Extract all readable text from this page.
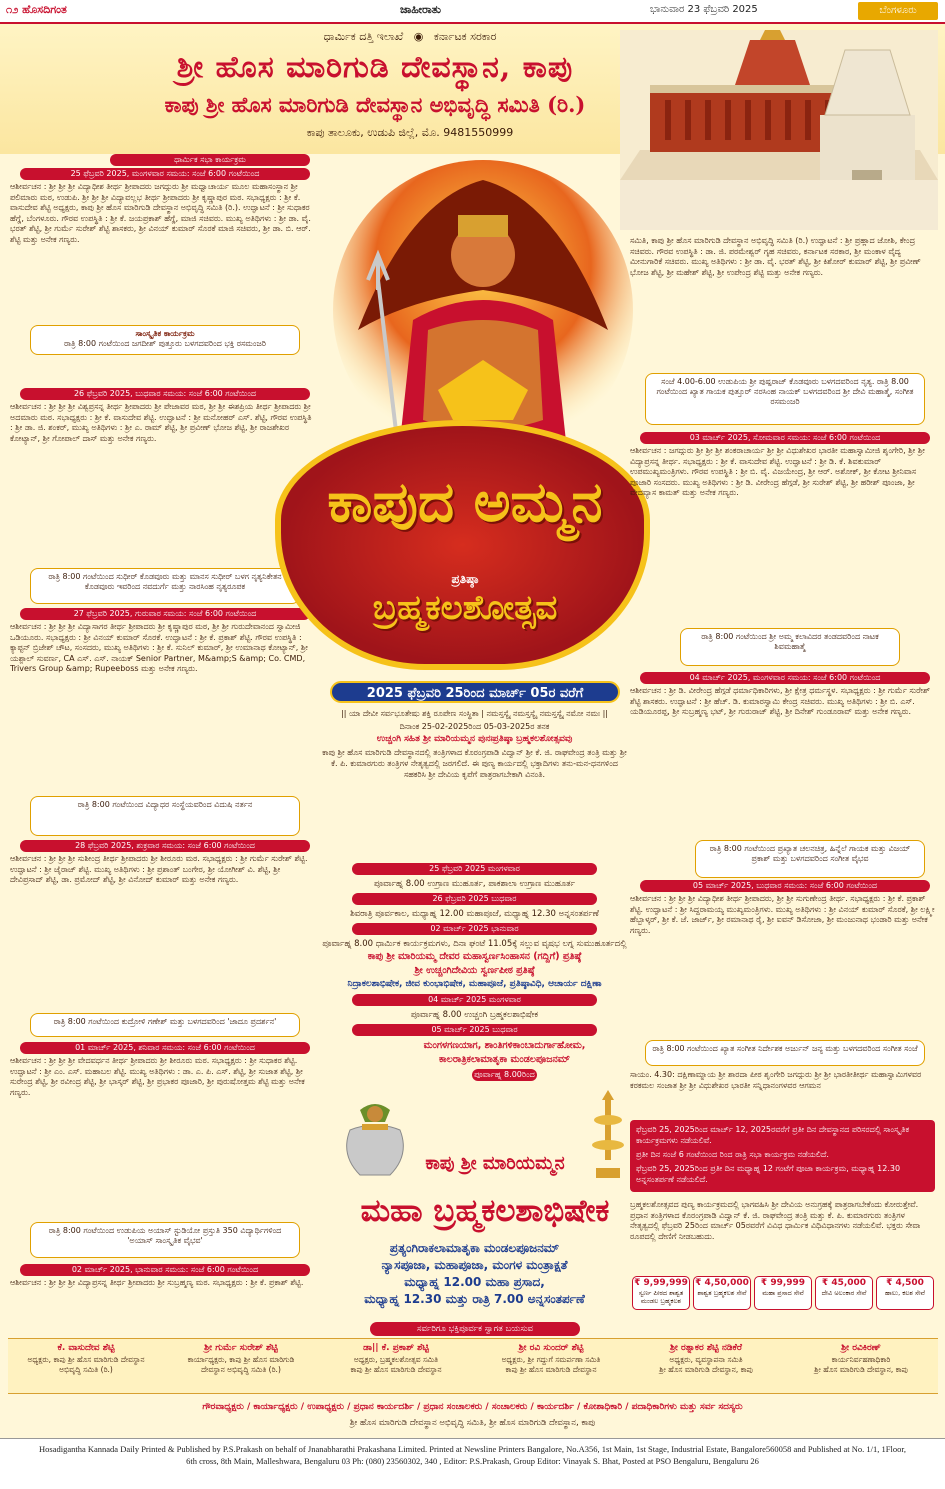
೧೨ ಹೊಸದಿಗಂತ	ಜಾಹೀರಾತು	ಭಾನುವಾರ 23 ಫೆಬ್ರವರಿ 2025	ಬೆಂಗಳೂರು
ಧಾರ್ಮಿಕ ದತ್ತಿ ಇಲಾಖೆ ◉ ಕರ್ನಾಟಕ ಸರಕಾರ
ಶ್ರೀ ಹೊಸ ಮಾರಿಗುಡಿ ದೇವಸ್ಥಾನ, ಕಾಪು
ಕಾಪು ಶ್ರೀ ಹೊಸ ಮಾರಿಗುಡಿ ದೇವಸ್ಥಾನ ಅಭಿವೃದ್ಧಿ ಸಮಿತಿ (ರಿ.)
ಕಾಪು ತಾಲೂಕು, ಉಡುಪಿ ಜಿಲ್ಲೆ, ಮೊ. 9481550999
ಧಾರ್ಮಿಕ ಸಭಾ ಕಾರ್ಯಕ್ರಮ
25 ಫೆಬ್ರವರಿ 2025, ಮಂಗಳವಾರ ಸಮಯ: ಸಂಜೆ 6:00 ಗಂಟೆಯಿಂದ

ಆಶೀರ್ವಚನ : ಶ್ರೀ ಶ್ರೀ ಶ್ರೀ ವಿದ್ಯಾಧೀಶ ತೀರ್ಥ ಶ್ರೀಪಾದರು ಜಗದ್ಗುರು ಶ್ರೀ ಮಧ್ವಾಚಾರ್ಯ ಮೂಲ ಮಹಾಸಂಸ್ಥಾನ ಶ್ರೀ ಪಲಿಮಾರು ಮಠ, ಉಡುಪಿ. ಶ್ರೀ ಶ್ರೀ ಶ್ರೀ ವಿದ್ಯಾವಲ್ಲಭ ತೀರ್ಥ ಶ್ರೀಪಾದರು ಶ್ರೀ ಕೃಷ್ಣಾಪುರ ಮಠ. ಸಭಾಧ್ಯಕ್ಷರು : ಶ್ರೀ ಕೆ. ವಾಸುದೇವ ಶೆಟ್ಟಿ ಅಧ್ಯಕ್ಷರು, ಕಾಪು ಶ್ರೀ ಹೊಸ ಮಾರಿಗುಡಿ ದೇವಸ್ಥಾನ ಅಭಿವೃದ್ಧಿ ಸಮಿತಿ (ರಿ.). ಉದ್ಘಾಟನೆ : ಶ್ರೀ ಸುಧಾಕರ ಹೆಗ್ಡೆ, ಬೆಂಗಳೂರು. ಗೌರವ ಉಪಸ್ಥಿತಿ : ಶ್ರೀ ಕೆ. ಜಯಪ್ರಕಾಶ್ ಹೆಗ್ಡೆ, ಮಾಜಿ ಸಚಿವರು. ಮುಖ್ಯ ಅತಿಥಿಗಳು : ಶ್ರೀ ಡಾ. ವೈ. ಭರತ್ ಶೆಟ್ಟಿ, ಶ್ರೀ ಗುರ್ಮೆ ಸುರೇಶ್ ಶೆಟ್ಟಿ ಶಾಸಕರು, ಶ್ರೀ ವಿನಯ್ ಕುಮಾರ್ ಸೊರಕೆ ಮಾಜಿ ಸಚಿವರು, ಶ್ರೀ ಡಾ. ಬಿ. ಆರ್. ಶೆಟ್ಟಿ ಮತ್ತು ಅನೇಕ ಗಣ್ಯರು.

ಸಾಂಸ್ಕೃತಿಕ ಕಾರ್ಯಕ್ರಮ
ರಾತ್ರಿ 8:00 ಗಂಟೆಯಿಂದ ಜಗದೀಶ್ ಪುತ್ತೂರು ಬಳಗದವರಿಂದ ಭಕ್ತಿ ರಸಮಂಜರಿ
26 ಫೆಬ್ರವರಿ 2025, ಬುಧವಾರ ಸಮಯ: ಸಂಜೆ 6:00 ಗಂಟೆಯಿಂದ

ಆಶೀರ್ವಚನ : ಶ್ರೀ ಶ್ರೀ ಶ್ರೀ ವಿಶ್ವಪ್ರಸನ್ನ ತೀರ್ಥ ಶ್ರೀಪಾದರು ಶ್ರೀ ಪೇಜಾವರ ಮಠ, ಶ್ರೀ ಶ್ರೀ ಈಶಪ್ರಿಯ ತೀರ್ಥ ಶ್ರೀಪಾದರು ಶ್ರೀ ಅದಮಾರು ಮಠ. ಸಭಾಧ್ಯಕ್ಷರು : ಶ್ರೀ ಕೆ. ವಾಸುದೇವ ಶೆಟ್ಟಿ. ಉದ್ಘಾಟನೆ : ಶ್ರೀ ಮನೋಹರ್ ಎಸ್. ಶೆಟ್ಟಿ, ಗೌರವ ಉಪಸ್ಥಿತಿ : ಶ್ರೀ ಡಾ. ಜಿ. ಶಂಕರ್, ಮುಖ್ಯ ಅತಿಥಿಗಳು : ಶ್ರೀ ಎ. ರಾಮ್ ಶೆಟ್ಟಿ, ಶ್ರೀ ಪ್ರವೀಣ್ ಭೋಜ ಶೆಟ್ಟಿ, ಶ್ರೀ ರಾಜಶೇಖರ ಕೋಟ್ಯಾನ್, ಶ್ರೀ ಗೋಪಾಲ್ ದಾಸ್ ಮತ್ತು ಅನೇಕ ಗಣ್ಯರು.

ರಾತ್ರಿ 8:00 ಗಂಟೆಯಿಂದ ಸುಧೀರ್ ಕೊಡವೂರು ಮತ್ತು ಮಾನಸ ಸುಧೀರ್ ಬಳಗ ನೃತ್ಯನಿಕೇತನ ಕೊಡವೂರು ಇವರಿಂದ ನವದುರ್ಗೆ ಮತ್ತು ನಾರಸಿಂಹ ನೃತ್ಯರೂಪಕ
27 ಫೆಬ್ರವರಿ 2025, ಗುರುವಾರ ಸಮಯ: ಸಂಜೆ 6:00 ಗಂಟೆಯಿಂದ

ಆಶೀರ್ವಚನ : ಶ್ರೀ ಶ್ರೀ ಶ್ರೀ ವಿದ್ಯಾಸಾಗರ ತೀರ್ಥ ಶ್ರೀಪಾದರು ಶ್ರೀ ಕೃಷ್ಣಾಪುರ ಮಠ, ಶ್ರೀ ಶ್ರೀ ಗುರುದೇವಾನಂದ ಸ್ವಾಮೀಜಿ ಒಡಿಯೂರು. ಸಭಾಧ್ಯಕ್ಷರು : ಶ್ರೀ ವಿನಯ್ ಕುಮಾರ್ ಸೊರಕೆ. ಉದ್ಘಾಟನೆ : ಶ್ರೀ ಕೆ. ಪ್ರಕಾಶ್ ಶೆಟ್ಟಿ. ಗೌರವ ಉಪಸ್ಥಿತಿ : ಕ್ಯಾಪ್ಟನ್ ಬ್ರಿಜೇಶ್ ಚೌಟ, ಸಂಸದರು, ಮುಖ್ಯ ಅತಿಥಿಗಳು : ಶ್ರೀ ಕೆ. ಸುನಿಲ್ ಕುಮಾರ್, ಶ್ರೀ ಉಮಾನಾಥ ಕೋಟ್ಯಾನ್, ಶ್ರೀ ಯಶ್ಪಾಲ್ ಸುವರ್ಣ, CA ಎಸ್. ಎಸ್. ನಾಯಕ್ Senior Partner, M&amp;S &amp; Co. CMD, Trivers Group &amp; Rupeeboss ಮತ್ತು ಅನೇಕ ಗಣ್ಯರು.

ರಾತ್ರಿ 8:00 ಗಂಟೆಯಿಂದ ವಿದ್ಯಾಧರ ಸಂಸ್ಥೆಯವರಿಂದ ವಿದುಷಿ ನರ್ತನ
28 ಫೆಬ್ರವರಿ 2025, ಶುಕ್ರವಾರ ಸಮಯ: ಸಂಜೆ 6:00 ಗಂಟೆಯಿಂದ

ಆಶೀರ್ವಚನ : ಶ್ರೀ ಶ್ರೀ ಶ್ರೀ ಸುಶೀಂದ್ರ ತೀರ್ಥ ಶ್ರೀಪಾದರು ಶ್ರೀ ಶೀರೂರು ಮಠ. ಸಭಾಧ್ಯಕ್ಷರು : ಶ್ರೀ ಗುರ್ಮೆ ಸುರೇಶ್ ಶೆಟ್ಟಿ. ಉದ್ಘಾಟನೆ : ಶ್ರೀ ಜೈರಾಜ್ ಶೆಟ್ಟಿ. ಮುಖ್ಯ ಅತಿಥಿಗಳು : ಶ್ರೀ ಪ್ರಶಾಂತ್ ಬಂಗೇರ, ಶ್ರೀ ಯೋಗೀಶ್ ವಿ. ಶೆಟ್ಟಿ, ಶ್ರೀ ದೇವಿಪ್ರಸಾದ್ ಶೆಟ್ಟಿ, ಡಾ. ಪ್ರಮೋದ್ ಶೆಟ್ಟಿ, ಶ್ರೀ ವಿನೋದ್ ಕುಮಾರ್ ಮತ್ತು ಅನೇಕ ಗಣ್ಯರು.

ರಾತ್ರಿ 8:00 ಗಂಟೆಯಿಂದ ಕುದ್ರೋಳಿ ಗಣೇಶ್ ಮತ್ತು ಬಳಗದವರಿಂದ 'ಜಾದೂ ಪ್ರದರ್ಶನ'
01 ಮಾರ್ಚ್ 2025, ಶನಿವಾರ ಸಮಯ: ಸಂಜೆ 6:00 ಗಂಟೆಯಿಂದ

ಆಶೀರ್ವಚನ : ಶ್ರೀ ಶ್ರೀ ಶ್ರೀ ವೇದವರ್ಧನ ತೀರ್ಥ ಶ್ರೀಪಾದರು ಶ್ರೀ ಶೀರೂರು ಮಠ. ಸಭಾಧ್ಯಕ್ಷರು : ಶ್ರೀ ಸುಧಾಕರ ಶೆಟ್ಟಿ. ಉದ್ಘಾಟನೆ : ಶ್ರೀ ಎಂ. ಎಸ್. ಮಹಾಬಲ ಶೆಟ್ಟಿ. ಮುಖ್ಯ ಅತಿಥಿಗಳು : ಡಾ. ಎ. ಪಿ. ಎಸ್. ಶೆಟ್ಟಿ, ಶ್ರೀ ಸುಜಾತ ಶೆಟ್ಟಿ, ಶ್ರೀ ಸುರೇಂದ್ರ ಶೆಟ್ಟಿ, ಶ್ರೀ ರವೀಂದ್ರ ಶೆಟ್ಟಿ, ಶ್ರೀ ಭಾಸ್ಕರ್ ಶೆಟ್ಟಿ, ಶ್ರೀ ಪ್ರಭಾಕರ ಪೂಜಾರಿ, ಶ್ರೀ ಪುರುಷೋತ್ತಮ ಶೆಟ್ಟಿ ಮತ್ತು ಅನೇಕ ಗಣ್ಯರು.

ರಾತ್ರಿ 8:00 ಗಂಟೆಯಿಂದ ಉಡುಪಿಯ ಅಯಾಸ್ ಸ್ಟುಡಿಯೋ ಪ್ರಸ್ತುತಿ 350 ವಿದ್ಯಾರ್ಥಿಗಳಿಂದ 'ಅಯಾಸ್ ಸಾಂಸ್ಕೃತಿಕ ವೈಭವ'
02 ಮಾರ್ಚ್ 2025, ಭಾನುವಾರ ಸಮಯ: ಸಂಜೆ 6:00 ಗಂಟೆಯಿಂದ

ಆಶೀರ್ವಚನ : ಶ್ರೀ ಶ್ರೀ ಶ್ರೀ ವಿದ್ಯಾಪ್ರಸನ್ನ ತೀರ್ಥ ಶ್ರೀಪಾದರು ಶ್ರೀ ಸುಬ್ರಹ್ಮಣ್ಯ ಮಠ. ಸಭಾಧ್ಯಕ್ಷರು : ಶ್ರೀ ಕೆ. ಪ್ರಕಾಶ್ ಶೆಟ್ಟಿ.

ಕಾಪುದ ಅಮ್ಮನ
ಪ್ರತಿಷ್ಠಾ
ಬ್ರಹ್ಮಕಲಶೋತ್ಸವ
2025 ಫೆಬ್ರವರಿ 25ರಿಂದ ಮಾರ್ಚ್ 05ರ ವರೆಗೆ

|| ಯಾ ದೇವೀ ಸರ್ವಭೂತೇಷು ಶಕ್ತಿ ರೂಪೇಣ ಸಂಸ್ಥಿತಾ | ನಮಸ್ತಸ್ಯೈ ನಮಸ್ತಸ್ಯೈ ನಮಸ್ತಸ್ಯೈ ನಮೋ ನಮಃ ||

ದಿನಾಂಕ 25-02-2025ರಿಂದ 05-03-2025ರ ತನಕ

ಉಚ್ಚಂಗಿ ಸಹಿತ ಶ್ರೀ ಮಾರಿಯಮ್ಮನ ಪುನಃಪ್ರತಿಷ್ಠಾ ಬ್ರಹ್ಮಕಲಶೋತ್ಸವವು

ಕಾಪು ಶ್ರೀ ಹೊಸ ಮಾರಿಗುಡಿ ದೇವಸ್ಥಾನದಲ್ಲಿ ತಂತ್ರಿಗಳಾದ ಕೊರಂಗ್ರಪಾಡಿ ವಿದ್ವಾನ್ ಶ್ರೀ ಕೆ. ಜಿ. ರಾಘವೇಂದ್ರ ತಂತ್ರಿ ಮತ್ತು ಶ್ರೀ ಕೆ. ಪಿ. ಕುಮಾರಗುರು ತಂತ್ರಿಗಳ ನೇತೃತ್ವದಲ್ಲಿ ಜರಗಲಿದೆ. ಈ ಪುಣ್ಯ ಕಾರ್ಯದಲ್ಲಿ ಭಕ್ತಾದಿಗಳು ತನು-ಮನ-ಧನಗಳಿಂದ ಸಹಕರಿಸಿ ಶ್ರೀ ದೇವಿಯ ಕೃಪೆಗೆ ಪಾತ್ರರಾಗಬೇಕಾಗಿ ವಿನಂತಿ.

25 ಫೆಬ್ರವರಿ 2025 ಮಂಗಳವಾರ
ಪೂರ್ವಾಹ್ನ 8.00 ಉಗ್ರಾಣ ಮುಹೂರ್ತ, ಪಾಕಶಾಲಾ ಉಗ್ರಾಣ ಮುಹೂರ್ತ
26 ಫೆಬ್ರವರಿ 2025 ಬುಧವಾರ
ಶಿವರಾತ್ರಿ ಪೂರ್ವಕಾಲ, ಮಧ್ಯಾಹ್ನ 12.00 ಮಹಾಪೂಜೆ, ಮಧ್ಯಾಹ್ನ 12.30 ಅನ್ನಸಂತರ್ಪಣೆ
02 ಮಾರ್ಚ್ 2025 ಭಾನುವಾರ
ಪೂರ್ವಾಹ್ನ 8.00 ಧಾರ್ಮಿಕ ಕಾರ್ಯಕ್ರಮಗಳು, ದಿನಾ ಘಂಟೆ 11.05ಕ್ಕೆ ಸಲ್ಲುವ ವೃಷಭ ಲಗ್ನ ಸುಮುಹೂರ್ತದಲ್ಲಿ
ಕಾಪು ಶ್ರೀ ಮಾರಿಯಮ್ಮ ದೇವರ ಮಹಾಸ್ವರ್ಣಸಿಂಹಾಸನ (ಗದ್ದಿಗೆ) ಪ್ರತಿಷ್ಠೆ
ಶ್ರೀ ಉಚ್ಚಂಗಿದೇವಿಯ ಸ್ವರ್ಣಪೀಠ ಪ್ರತಿಷ್ಠೆ
ನಿದ್ರಾಕಲಶಾಭಿಷೇಕ, ಜೀವ ಕುಂಭಾಭಿಷೇಕ, ಮಹಾಪೂಜೆ, ಪ್ರತಿಷ್ಠಾವಿಧಿ, ಆಚಾರ್ಯ ದಕ್ಷಿಣಾ
04 ಮಾರ್ಚ್ 2025 ಮಂಗಳವಾರ
ಪೂರ್ವಾಹ್ನ 8.00 ಉಚ್ಚಂಗಿ ಬ್ರಹ್ಮಕಲಶಾಭಿಷೇಕ
05 ಮಾರ್ಚ್ 2025 ಬುಧವಾರ
ಮಂಗಳಗಣಯಾಗ, ಶಾಂತಿಗಳಿಕಾಂಬಾದುರ್ಗಾಹೋಮ, ಕಾಲರಾತ್ರಿಕಲಾಮಾತೃಕಾ ಮಂಡಲಪೂಜನಮ್
ಪೂರ್ವಾಹ್ನ 8.00ರಿಂದ
ಕಾಪು ಶ್ರೀ ಮಾರಿಯಮ್ಮನ
ಮಹಾ ಬ್ರಹ್ಮಕಲಶಾಭಿಷೇಕ
ಪ್ರತ್ಯಂಗಿರಾಕಲಾಮಾತೃಕಾ ಮಂಡಲಪೂಜನಮ್
ನ್ಯಾಸಪೂಜಾ, ಮಹಾಪೂಜಾ, ಮಂಗಳ ಮಂತ್ರಾಕ್ಷತೆ
ಮಧ್ಯಾಹ್ನ 12.00 ಮಹಾ ಪ್ರಸಾದ,
ಮಧ್ಯಾಹ್ನ 12.30 ಮತ್ತು ರಾತ್ರಿ 7.00 ಅನ್ನಸಂತರ್ಪಣೆ

ಸಮಿತಿ, ಕಾಪು ಶ್ರೀ ಹೊಸ ಮಾರಿಗುಡಿ ದೇವಸ್ಥಾನ ಅಭಿವೃದ್ಧಿ ಸಮಿತಿ (ರಿ.) ಉದ್ಘಾಟನೆ : ಶ್ರೀ ಪ್ರಹ್ಲಾದ ಜೋಶಿ, ಕೇಂದ್ರ ಸಚಿವರು. ಗೌರವ ಉಪಸ್ಥಿತಿ : ಡಾ. ಜಿ. ಪರಮೇಶ್ವರ್ ಗೃಹ ಸಚಿವರು, ಕರ್ನಾಟಕ ಸರಕಾರ, ಶ್ರೀ ಮಂಕಾಳ ವೈದ್ಯ ಮೀನುಗಾರಿಕೆ ಸಚಿವರು. ಮುಖ್ಯ ಅತಿಥಿಗಳು : ಶ್ರೀ ಡಾ. ವೈ. ಭರತ್ ಶೆಟ್ಟಿ, ಶ್ರೀ ಕಿಶೋರ್ ಕುಮಾರ್ ಶೆಟ್ಟಿ, ಶ್ರೀ ಪ್ರವೀಣ್ ಭೋಜ ಶೆಟ್ಟಿ, ಶ್ರೀ ಮಹೇಶ್ ಶೆಟ್ಟಿ, ಶ್ರೀ ಉಪೇಂದ್ರ ಶೆಟ್ಟಿ ಮತ್ತು ಅನೇಕ ಗಣ್ಯರು.

ಸಂಜೆ 4.00-6.00 ಉಡುಪಿಯ ಶ್ರೀ ಪುಷ್ಪರಾಜ್ ಕೊಡವೂರು ಬಳಗದವರಿಂದ ನೃತ್ಯ. ರಾತ್ರಿ 8.00 ಗಂಟೆಯಿಂದ ಖ್ಯಾತ ಗಾಯಕ ಪುತ್ತೂರ್ ನರಸಿಂಹ ನಾಯಕ್ ಬಳಗದವರಿಂದ ಶ್ರೀ ದೇವಿ ಮಹಾತ್ಮೆ, ಸಂಗೀತ ರಸಮಂಜರಿ
03 ಮಾರ್ಚ್ 2025, ಸೋಮವಾರ ಸಮಯ: ಸಂಜೆ 6:00 ಗಂಟೆಯಿಂದ

ಆಶೀರ್ವಚನ : ಜಗದ್ಗುರು ಶ್ರೀ ಶ್ರೀ ಶ್ರೀ ಶಂಕರಾಚಾರ್ಯ ಶ್ರೀ ಶ್ರೀ ವಿಧುಶೇಖರ ಭಾರತೀ ಮಹಾಸ್ವಾಮೀಜಿ ಶೃಂಗೇರಿ, ಶ್ರೀ ಶ್ರೀ ವಿದ್ಯಾಪ್ರಸನ್ನ ತೀರ್ಥ. ಸಭಾಧ್ಯಕ್ಷರು : ಶ್ರೀ ಕೆ. ವಾಸುದೇವ ಶೆಟ್ಟಿ. ಉದ್ಘಾಟನೆ : ಶ್ರೀ ಡಿ. ಕೆ. ಶಿವಕುಮಾರ್ ಉಪಮುಖ್ಯಮಂತ್ರಿಗಳು. ಗೌರವ ಉಪಸ್ಥಿತಿ : ಶ್ರೀ ಬಿ. ವೈ. ವಿಜಯೇಂದ್ರ, ಶ್ರೀ ಆರ್. ಅಶೋಕ್, ಶ್ರೀ ಕೋಟ ಶ್ರೀನಿವಾಸ ಪೂಜಾರಿ ಸಂಸದರು. ಮುಖ್ಯ ಅತಿಥಿಗಳು : ಶ್ರೀ ಡಿ. ವೀರೇಂದ್ರ ಹೆಗ್ಗಡೆ, ಶ್ರೀ ಸುರೇಶ್ ಶೆಟ್ಟಿ, ಶ್ರೀ ಹರೀಶ್ ಪೂಂಜಾ, ಶ್ರೀ ವೇದವ್ಯಾಸ ಕಾಮತ್ ಮತ್ತು ಅನೇಕ ಗಣ್ಯರು.

ರಾತ್ರಿ 8:00 ಗಂಟೆಯಿಂದ ಶ್ರೀ ಅಮ್ಮ ಕಲಾವಿದರ ತಂಡದವರಿಂದ ನಾಟಕ ಶಿವಮಹಾತ್ಮೆ
04 ಮಾರ್ಚ್ 2025, ಮಂಗಳವಾರ ಸಮಯ: ಸಂಜೆ 6:00 ಗಂಟೆಯಿಂದ

ಆಶೀರ್ವಚನ : ಶ್ರೀ ಡಿ. ವೀರೇಂದ್ರ ಹೆಗ್ಗಡೆ ಧರ್ಮಾಧಿಕಾರಿಗಳು, ಶ್ರೀ ಕ್ಷೇತ್ರ ಧರ್ಮಸ್ಥಳ. ಸಭಾಧ್ಯಕ್ಷರು : ಶ್ರೀ ಗುರ್ಮೆ ಸುರೇಶ್ ಶೆಟ್ಟಿ ಶಾಸಕರು. ಉದ್ಘಾಟನೆ : ಶ್ರೀ ಹೆಚ್. ಡಿ. ಕುಮಾರಸ್ವಾಮಿ ಕೇಂದ್ರ ಸಚಿವರು. ಮುಖ್ಯ ಅತಿಥಿಗಳು : ಶ್ರೀ ಬಿ. ಎಸ್. ಯಡಿಯೂರಪ್ಪ, ಶ್ರೀ ಸುಬ್ರಹ್ಮಣ್ಯ ಭಟ್, ಶ್ರೀ ಗುರುರಾಜ್ ಶೆಟ್ಟಿ, ಶ್ರೀ ದಿನೇಶ್ ಗುಂಡೂರಾವ್ ಮತ್ತು ಅನೇಕ ಗಣ್ಯರು.

ರಾತ್ರಿ 8:00 ಗಂಟೆಯಿಂದ ಪ್ರಖ್ಯಾತ ಚಲನಚಿತ್ರ, ಹಿನ್ನೆಲೆ ಗಾಯಕ ಮತ್ತು ವಿಜಯ್ ಪ್ರಕಾಶ್ ಮತ್ತು ಬಳಗದವರಿಂದ ಸಂಗೀತ ವೈಭವ
05 ಮಾರ್ಚ್ 2025, ಬುಧವಾರ ಸಮಯ: ಸಂಜೆ 6:00 ಗಂಟೆಯಿಂದ

ಆಶೀರ್ವಚನ : ಶ್ರೀ ಶ್ರೀ ಶ್ರೀ ವಿದ್ಯಾಧೀಶ ತೀರ್ಥ ಶ್ರೀಪಾದರು, ಶ್ರೀ ಶ್ರೀ ಸುಗುಣೇಂದ್ರ ತೀರ್ಥ. ಸಭಾಧ್ಯಕ್ಷರು : ಶ್ರೀ ಕೆ. ಪ್ರಕಾಶ್ ಶೆಟ್ಟಿ. ಉದ್ಘಾಟನೆ : ಶ್ರೀ ಸಿದ್ದರಾಮಯ್ಯ ಮುಖ್ಯಮಂತ್ರಿಗಳು. ಮುಖ್ಯ ಅತಿಥಿಗಳು : ಶ್ರೀ ವಿನಯ್ ಕುಮಾರ್ ಸೊರಕೆ, ಶ್ರೀ ಲಕ್ಷ್ಮೀ ಹೆಬ್ಬಾಳ್ಕರ್, ಶ್ರೀ ಕೆ. ಜೆ. ಜಾರ್ಜ್, ಶ್ರೀ ರಮಾನಾಥ ರೈ, ಶ್ರೀ ಐವನ್ ಡಿಸೋಜಾ, ಶ್ರೀ ಮಂಜುನಾಥ ಭಂಡಾರಿ ಮತ್ತು ಅನೇಕ ಗಣ್ಯರು.

ರಾತ್ರಿ 8:00 ಗಂಟೆಯಿಂದ ಖ್ಯಾತ ಸಂಗೀತ ನಿರ್ದೇಶಕ ಅರ್ಜುನ್ ಜನ್ಯ ಮತ್ತು ಬಳಗದವರಿಂದ ಸಂಗೀತ ಸಂಜೆ

ಸಾಯಂ. 4.30: ದಕ್ಷಿಣಾಮ್ನಾಯ ಶ್ರೀ ಶಾರದಾ ಪೀಠ ಶೃಂಗೇರಿ ಜಗದ್ಗುರು ಶ್ರೀ ಶ್ರೀ ಭಾರತೀತೀರ್ಥ ಮಹಾಸ್ವಾಮಿಗಳವರ ಕರಕಮಲ ಸಂಜಾತ ಶ್ರೀ ಶ್ರೀ ವಿಧುಶೇಖರ ಭಾರತೀ ಸನ್ನಿಧಾನಂಗಳವರ ಆಗಮನ

ಫೆಬ್ರವರಿ 25, 2025ರಿಂದ ಮಾರ್ಚ್ 12, 2025ರವರೆಗೆ ಪ್ರತೀ ದಿನ ದೇವಸ್ಥಾನದ ಪರಿಸರದಲ್ಲಿ ಸಾಂಸ್ಕೃತಿಕ ಕಾರ್ಯಕ್ರಮಗಳು ನಡೆಯಲಿವೆ.

ಪ್ರತೀ ದಿನ ಸಂಜೆ 6 ಗಂಟೆಯಿಂದ ರಿಂದ ರಾತ್ರಿ ಸಭಾ ಕಾರ್ಯಕ್ರಮ ನಡೆಯಲಿದೆ.

ಫೆಬ್ರವರಿ 25, 2025ರಿಂದ ಪ್ರತೀ ದಿನ ಮಧ್ಯಾಹ್ನ 12 ಗಂಟೆಗೆ ಪೂಜಾ ಕಾರ್ಯಕ್ರಮ, ಮಧ್ಯಾಹ್ನ 12.30 ಅನ್ನಸಂತರ್ಪಣೆ ನಡೆಯಲಿದೆ.

ಬ್ರಹ್ಮಕಲಶೋತ್ಸವದ ಪುಣ್ಯ ಕಾರ್ಯಕ್ರಮದಲ್ಲಿ ಭಾಗವಹಿಸಿ ಶ್ರೀ ದೇವಿಯ ಅನುಗ್ರಹಕ್ಕೆ ಪಾತ್ರರಾಗಬೇಕೆಂದು ಕೋರುತ್ತೇವೆ. ಪ್ರಧಾನ ತಂತ್ರಿಗಳಾದ ಕೊರಂಗ್ರಪಾಡಿ ವಿದ್ವಾನ್ ಕೆ. ಜಿ. ರಾಘವೇಂದ್ರ ತಂತ್ರಿ ಮತ್ತು ಕೆ. ಪಿ. ಕುಮಾರಗುರು ತಂತ್ರಿಗಳ ನೇತೃತ್ವದಲ್ಲಿ ಫೆಬ್ರವರಿ 25ರಿಂದ ಮಾರ್ಚ್ 05ರವರೆಗೆ ವಿವಿಧ ಧಾರ್ಮಿಕ ವಿಧಿವಿಧಾನಗಳು ನಡೆಯಲಿವೆ. ಭಕ್ತರು ಸೇವಾ ರೂಪದಲ್ಲಿ ದೇಣಿಗೆ ನೀಡಬಹುದು.
₹ 9,99,999
ಸ್ವರ್ಣ ಪೀಠದ ಶಾಶ್ವತ ಮಂಡಲ ಬ್ರಹ್ಮಕಲಶ
₹ 4,50,000
ಶಾಶ್ವತ ಬ್ರಹ್ಮಕಲಶ ಸೇವೆ
₹ 99,999
ಮಹಾ ಪ್ರಸಾದ ಸೇವೆ
₹ 45,000
ದೇವಿ ಅಲಂಕಾರ ಸೇವೆ
₹ 4,500
ಹಾಲು, ಕಲಶ ಸೇವೆ
ಸರ್ವರಿಗೂ ಭಕ್ತಿಪೂರ್ವಕ ಸ್ವಾಗತ ಬಯಸುವ
ಕೆ. ವಾಸುದೇವ ಶೆಟ್ಟಿ
ಅಧ್ಯಕ್ಷರು, ಕಾಪು ಶ್ರೀ ಹೊಸ ಮಾರಿಗುಡಿ ದೇವಸ್ಥಾನ
ಅಭಿವೃದ್ಧಿ ಸಮಿತಿ (ರಿ.)
ಶ್ರೀ ಗುರ್ಮೆ ಸುರೇಶ್ ಶೆಟ್ಟಿ
ಕಾರ್ಯಾಧ್ಯಕ್ಷರು, ಕಾಪು ಶ್ರೀ ಹೊಸ ಮಾರಿಗುಡಿ
ದೇವಸ್ಥಾನ ಅಭಿವೃದ್ಧಿ ಸಮಿತಿ (ರಿ.)
ಡಾ|| ಕೆ. ಪ್ರಕಾಶ್ ಶೆಟ್ಟಿ
ಅಧ್ಯಕ್ಷರು, ಬ್ರಹ್ಮಕಲಶೋತ್ಸವ ಸಮಿತಿ
ಕಾಪು ಶ್ರೀ ಹೊಸ ಮಾರಿಗುಡಿ ದೇವಸ್ಥಾನ
ಶ್ರೀ ರವಿ ಸುಂದರ್ ಶೆಟ್ಟಿ
ಅಧ್ಯಕ್ಷರು, ಶ್ರೀ ಗದ್ದುಗೆ ಸಮರ್ಪಣಾ ಸಮಿತಿ
ಕಾಪು ಶ್ರೀ ಹೊಸ ಮಾರಿಗುಡಿ ದೇವಸ್ಥಾನ
ಶ್ರೀ ರತ್ನಾಕರ ಶೆಟ್ಟಿ ನಡಿಕೆರೆ
ಅಧ್ಯಕ್ಷರು, ವ್ಯವಸ್ಥಾಪನಾ ಸಮಿತಿ
ಶ್ರೀ ಹೊಸ ಮಾರಿಗುಡಿ ದೇವಸ್ಥಾನ, ಕಾಪು
ಶ್ರೀ ರವಿಕಿರಣ್
ಕಾರ್ಯನಿರ್ವಹಣಾಧಿಕಾರಿ
ಶ್ರೀ ಹೊಸ ಮಾರಿಗುಡಿ ದೇವಸ್ಥಾನ, ಕಾಪು
ಗೌರವಾಧ್ಯಕ್ಷರು / ಕಾರ್ಯಾಧ್ಯಕ್ಷರು / ಉಪಾಧ್ಯಕ್ಷರು / ಪ್ರಧಾನ ಕಾರ್ಯದರ್ಶಿ / ಪ್ರಧಾನ ಸಂಚಾಲಕರು / ಸಂಚಾಲಕರು / ಕಾರ್ಯದರ್ಶಿ / ಕೋಶಾಧಿಕಾರಿ / ಪದಾಧಿಕಾರಿಗಳು ಮತ್ತು ಸರ್ವ ಸದಸ್ಯರು
ಶ್ರೀ ಹೊಸ ಮಾರಿಗುಡಿ ದೇವಸ್ಥಾನ ಅಭಿವೃದ್ಧಿ ಸಮಿತಿ, ಶ್ರೀ ಹೊಸ ಮಾರಿಗುಡಿ ದೇವಸ್ಥಾನ, ಕಾಪು
Hosadigantha Kannada Daily Printed & Published by P.S.Prakash on behalf of Jnanabharathi Prakashana Limited. Printed at Newsline Printers Bangalore, No.A356, 1st Main, 1st Stage, Industrial Estate, Bangalore560058 and Published at No. 1/1, 1Floor,
6th cross, 8th Main, Malleshwara, Bengaluru 03 Ph: (080) 23560302, 340 , Editor: P.S.Prakash, Group Editor: Vinayak S. Bhat, Posted at PSO Bengaluru, Bengaluru 26
